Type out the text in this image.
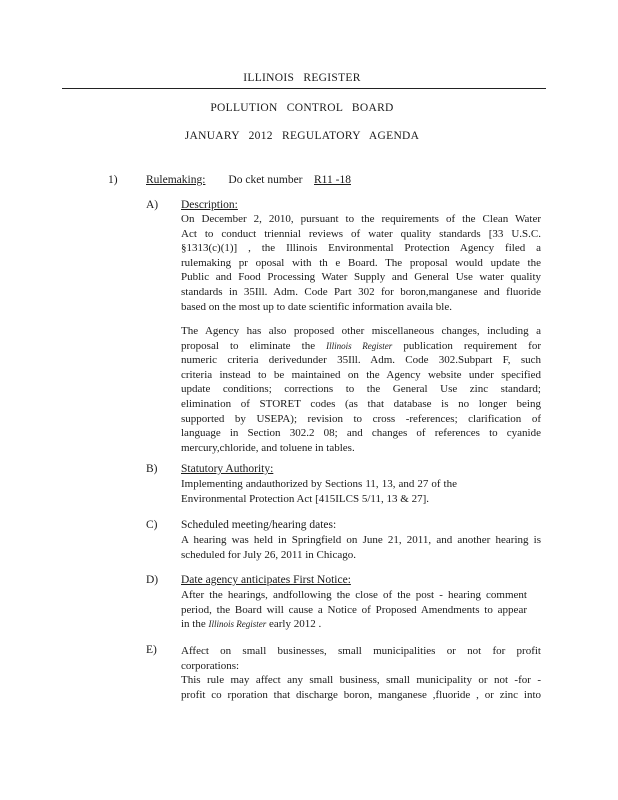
ILLINOIS REGISTER
POLLUTION CONTROL BOARD
JANUARY 2012 REGULATORY AGENDA
1) Rulemaking: Do cket number R11 -18
A) Description:
On December 2, 2010, pursuant to the requirements of the Clean Water
Act to conduct triennial reviews of water quality standards [33 U.S.C.
§1313(c)(1)] , the Illinois Environmental Protection Agency filed a
rulemaking pr oposal with th e Board. The proposal would update the
Public and Food Processing Water Supply and General Use water quality
standards in 35Ill. Adm. Code Part 302 for boron,manganese and fluoride
based on the most up to date scientific information availa ble.
The Agency has also proposed other miscellaneous changes, including a
proposal to eliminate the Illinois Register publication requirement for
numeric criteria derivedunder 35Ill. Adm. Code 302.Subpart F, such
criteria instead to be maintained on the Agency website under specified
update conditions; corrections to the General Use zinc standard;
elimination of STORET codes (as that database is no longer being
supported by USEPA); revision to cross -references; clarification of
language in Section 302.2 08; and changes of references to cyanide
mercury,chloride, and toluene in tables.
B) Statutory Authority:
Implementing andauthorized by Sections 11, 13, and 27 of the
Environmental Protection Act [415ILCS 5/11, 13 & 27].
C) Scheduled meeting/hearing dates:
A hearing was held in Springfield on June 21, 2011, and another hearing is
scheduled for July 26, 2011 in Chicago.
D) Date agency anticipates First Notice:
After the hearings, andfollowing the close of the post - hearing comment
period, the Board will cause a Notice of Proposed Amendments to appear
in the Illinois Register early 2012 .
E) Affect on small businesses, small municipalities or not for profit
corporations:
This rule may affect any small business, small municipality or not -for -
profit co rporation that discharge boron, manganese ,fluoride , or zinc into
